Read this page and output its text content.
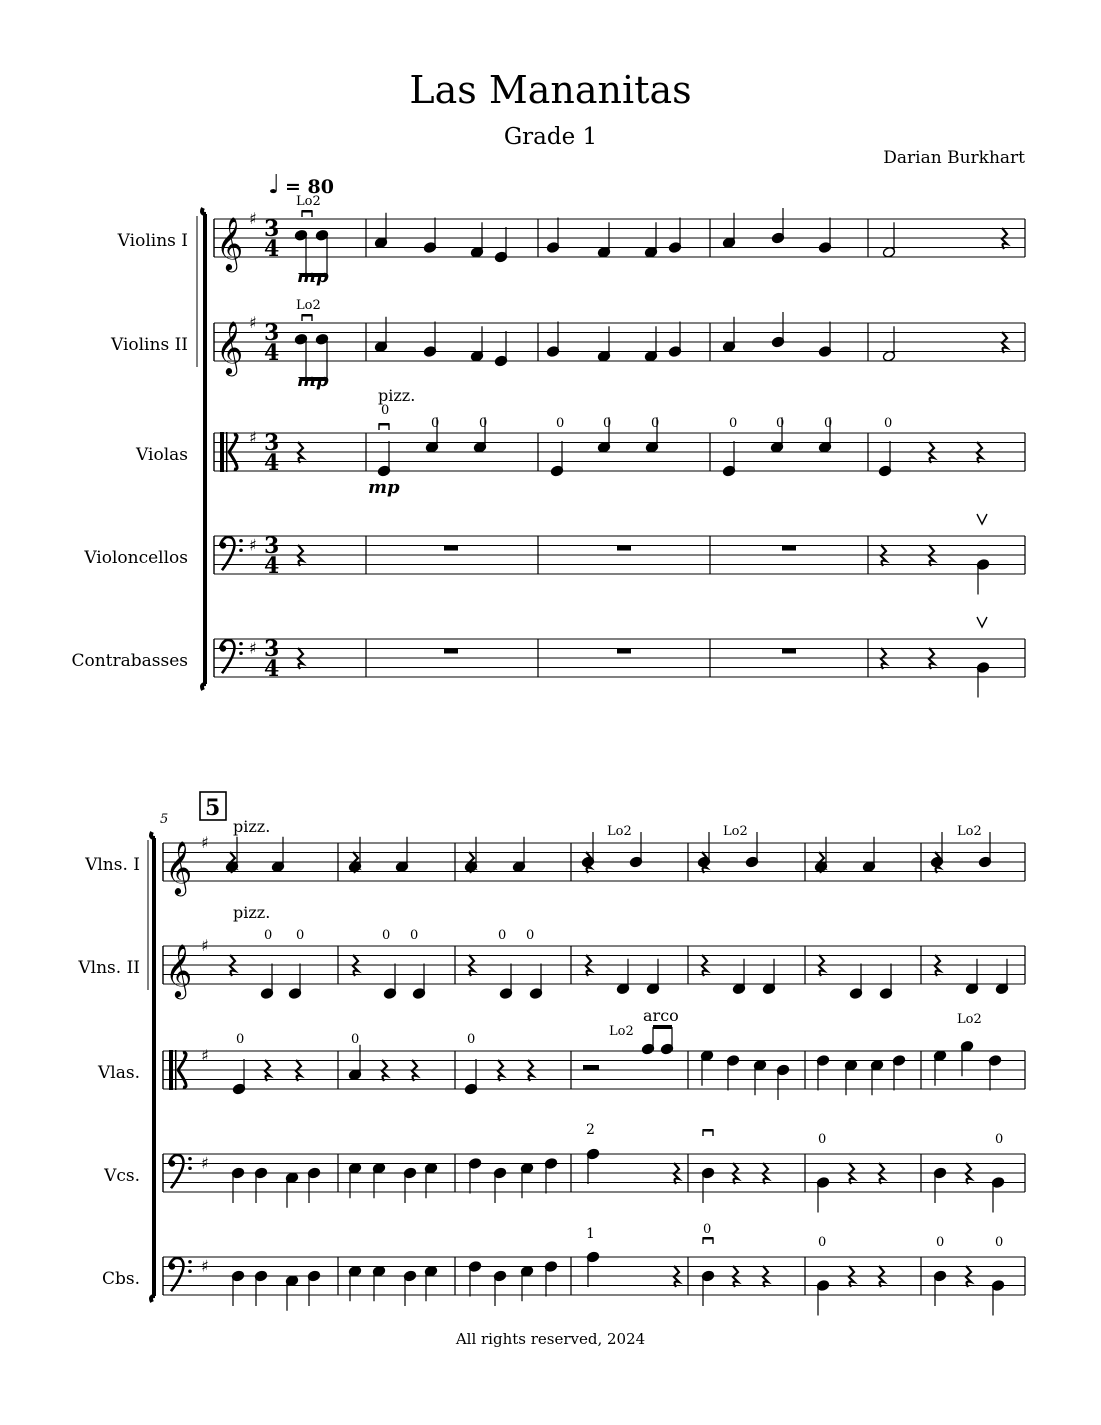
Las Mananitas
Grade 1
Darian Burkhart
All rights reserved, 2024
Violins I
Violins II
Violas
Violoncellos
Contrabasses
Vlns. I
Vlns. II
Vlas.
Vcs.
Cbs.
𝄞
𝄞
♯ 3
4
♯ 3
4
♯ 3
4
♯ 3
4
♯ 3
4
♩ = 80
Lo2
mp
Lo2
mp
pizz.
0
0	0	0	0	0	0	0	0	0
mp
𝄞
𝄞
♯
♯
♯
♯
♯
5
5	pizz.	Lo2	Lo2	Lo2
pizz.
0 0	0 0	0 0
0	0	0
arco
Lo2
Lo2
2
0	0
1	0
0	0	0
